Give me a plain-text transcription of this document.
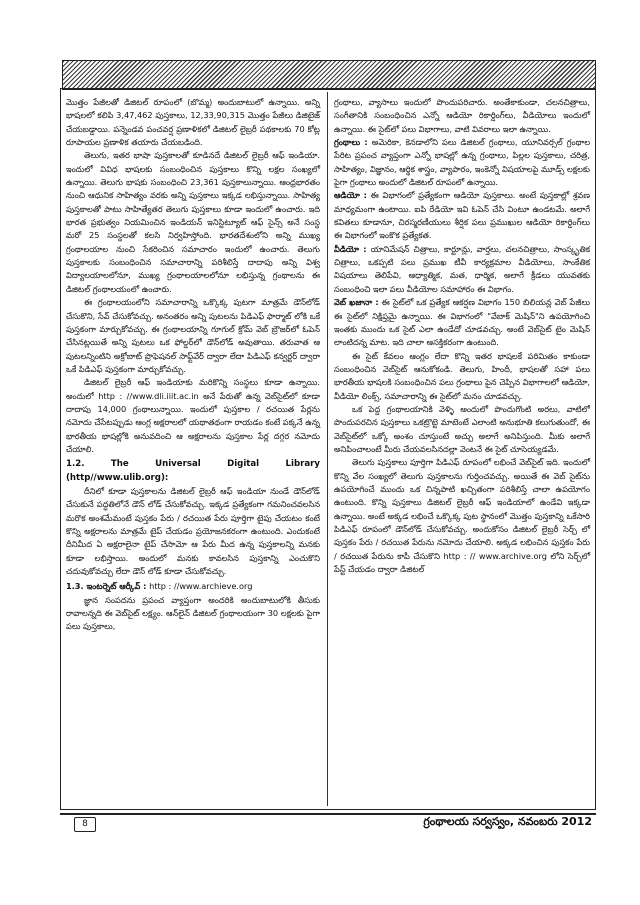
మొత్తం పేజీలతో డిజిటల్ రూపంలో (బొమ్మ) అందుబాటులో ఉన్నాయి. అన్ని భాషలలో కలిపి 3,47,462 పుస్తకాలు, 12,33,90,315 మొత్తం పేజీలు డిజిటైజ్ చేయబడ్డాయి. పన్నెండవ పంచవర్ష ప్రణాళికలో డిజిటల్ లైబ్రరీ పథకాలకు 70 కోట్ల రూపాయల ప్రణాళిక తయారు చేయబడింది.

తెలుగు, ఇతర భాషా పుస్తకాలతో కూడినదే డిజిటల్ లైబ్రరీ ఆఫ్ ఇండియా. ఇందులో వివిధ భాషలకు సంబంధించిన పుస్తకాలు కొన్ని లక్షల సంఖ్యలో ఉన్నాయి. తెలుగు భాషకు సంబంధించి 23,361 పుస్తకాలున్నాయి. ఆంధ్రభారతం నుంచి ఆధునిక సాహిత్యం వరకు అన్ని పుస్తకాలు ఇక్కడ లభిస్తున్నాయి. సాహిత్య పుస్తకాలతో పాటు సాహిత్యేతర తెలుగు పుస్తకాలు కూడా ఇందులో ఉంచారు. ఇది భారత ప్రభుత్వం నియమించిన ఇండియన్ ఇనిస్టిట్యూట్ ఆఫ్ సైన్స్ అనే సంస్థ మరో 25 సంస్థలతో కలసి నిర్వహిస్తోంది. భారతదేశంలోని అన్ని ముఖ్య గ్రంథాలయాల నుంచి సేకరించిన సమాచారం ఇందులో ఉంచారు. తెలుగు పుస్తకాలకు సంబంధించిన సమాచారాన్ని పరిశీలిస్తే దాదాపు అన్ని విశ్వ విద్యాలయాలలోనూ, ముఖ్య గ్రంథాలయాలలోనూ లభిస్తున్న గ్రంథాలను ఈ డిజిటల్ గ్రంథాలయంలో ఉంచారు.

ఈ గ్రంథాలయంలోని సమాచారాన్ని ఒక్కొక్క పుటగా మాత్రమే డౌన్‌లోడ్ చేసుకొని, సేవ్ చేసుకోవచ్చు. అనంతరం అన్ని పుటలను పిడిఎఫ్ ఫార్మాట్ లోకి ఒకే పుస్తకంగా మార్చుకోవచ్చు. ఈ గ్రంథాలయాన్ని గూగుల్ క్రోమ్ వెబ్ బ్రౌజర్‌లో ఓపెన్ చేసినట్లయితే అన్ని పుటలు ఒక ఫోల్డర్‌లో డౌన్‌లోడ్ అవుతాయి. తరువాత ఆ పుటలన్నింటిని అక్రోబాట్ ప్రొఫెషనల్ సాఫ్ట్‌వేర్ ద్వారా లేదా పిడిఎఫ్ కన్వర్టర్ ద్వారా ఒకే పిడిఎఫ్ పుస్తకంగా మార్చుకోవచ్చు.

డిజిటల్ లైబ్రరీ ఆఫ్ ఇండియాకు మరికొన్ని సంస్థలు కూడా ఉన్నాయి. అందులో http : //www.dli.iiit.ac.in అనే పేరుతో ఉన్న వెబ్‌సైట్‌లో కూడా దాదాపు 14,000 గ్రంథాలున్నాయి. ఇందులో పుస్తకాల / రచయిత పేర్లను నమోదు చేసేటప్పుడు ఆంగ్ల అక్షరాలలో యథాతథంగా రాయడం కంటే పక్కనే ఉన్న భారతీయ భాషల్లోకి అనువదించి ఆ అక్షరాలను పుస్తకాల పేర్ల దగ్గర నమోదు చేయాలి.

1.2. The Universal Digital Library (http//www.ulib.org):

దీనిలో కూడా పుస్తకాలను డిజిటల్ లైబ్రరీ ఆఫ్ ఇండియా నుండే డౌన్‌లోడ్ చేసుకునే పద్ధతిలోనే డౌన్ లోడ్ చేసుకోవచ్చు. ఇక్కడ ప్రత్యేకంగా గమనించవలసిన మరొక అంశమేమంటే పుస్తకం పేరు / రచయిత పేరు పూర్తిగా టైపు చేయటం కంటే కొన్ని అక్షరాలను మాత్రమే టైప్ చేయడం ప్రయోజనకరంగా ఉంటుంది. ఎందుకంటే దీనిమీద ఏ అక్షరాలైనా టైప్ చేసామో ఆ పేరు మీద ఉన్న పుస్తకాలన్ని మనకు కూడా లభిస్తాయి. అందులో మనకు కావలసిన పుస్తకాన్ని ఎంచుకొని చదువుకోవచ్చు లేదా డౌన్ లోడ్ కూడా చేసుకోవచ్చు.

1.3. ఇంటర్నెట్ ఆర్కీవ్ : http : //www.archieve.org

జ్ఞాన సంపదను ప్రపంచ వ్యాప్తంగా అందరికి అందుబాటులోకి తీసుకు రావాలన్నది ఈ వెబ్‌సైట్ లక్ష్యం. ఆన్‌లైన్ డిజిటల్ గ్రంథాలయంగా 30 లక్షలకు పైగా పలు పుస్తకాలు,

గ్రంథాలు, వ్యాసాలు ఇందులో పొందుపరిచారు. అంతేకాకుండా, చలనచిత్రాలు, సంగీతానికి సంబంధించిన ఎన్నో ఆడియో రికార్డింగ్‌లు, వీడియోలు ఇందులో ఉన్నాయి. ఈ సైట్‌లో పలు విభాగాలు, వాటి వివరాలు ఇలా ఉన్నాయి.

గ్రంథాలు : అమెరికా, కెనడాలోని పలు డిజిటల్ గ్రంథాలు, యూనివర్సల్ గ్రంథాల పేరిట ప్రపంచ వ్యాప్తంగా ఎన్నో భాషల్లో ఉన్న గ్రంథాలు, పిల్లల పుస్తకాలు, చరిత్ర, సాహిత్యం, విజ్ఞానం, ఆర్థిక శాస్త్రం, వ్యాపారం, ఇంకెన్నో విషయాలపై మూడ్స్ లక్షలకు పైగా గ్రంథాలు అందులో డిజిటల్ రూపంలో ఉన్నాయి.

ఆడియో : ఈ విభాగంలో ప్రత్యేకంగా ఆడియో పుస్తకాలు. అంటే పుస్తకాల్లో శ్రవణ మాధ్యమంగా ఉంటాయి. ఐపి రేడియో ఇవి ఓపెన్ చేసి వింటూ ఉండటమే. అలాగే కవితలు కూడానూ, చిరస్మరణీయులు శీర్షిక పలు ప్రముఖుల ఆడియో రికార్డింగ్‌లు ఈ విభాగంలో ఇంకొక ప్రత్యేకత.

వీడియో : యానిమేషన్ చిత్రాలు, కార్టూన్లు, వార్తలు, చలనచిత్రాలు, సాంస్కృతిక చిత్రాలు, ఒకప్పటి పలు ప్రముఖ టీవీ కార్యక్రమాల వీడియోలు, సాంకేతిక విషయాలు తెలిపేవి, ఆధ్యాత్మిక, మత, ధార్మిక, అలాగే క్రీడలు యువతకు సంబంధించి ఇలా పలు వీడియోల సమాహారం ఈ విభాగం.

వెబ్ ఖజానా : ఈ సైట్‌లో ఒక ప్రత్యేక ఆకర్షణ విభాగం 150 బిలియన్ల వెబ్ పేజీలు ఈ సైట్‌లో నిక్షిప్తమై ఉన్నాయి. ఈ విభాగంలో "వేబాక్ మెషిన్"ని ఉపయోగించి ఇంతకు ముందు ఒక సైట్ ఎలా ఉండేదో చూడవచ్చు. అంటే వెబ్‌సైట్ టైం మెషిన్ లాంటిదన్న మాట. ఇది చాలా ఆసక్తికరంగా ఉంటుంది.

ఈ సైట్ కేవలం ఆంగ్లం లేదా కొన్ని ఇతర భాషలకే పరిమితం కాకుండా సంబంధించిన వెబ్‌సైట్ ఆనుకోకండి. తెలుగు, హిందీ, భాషలతో సహా పలు భారతీయ భాషలకి సంబంధించిన పలు గ్రంథాలు పైన చెప్పిన విభాగాలలో ఆడియో, వీడియో లింక్స్, సమాచారాన్ని ఈ సైట్‌లో మనం చూడవచ్చు.

ఒక పెద్ద గ్రంథాలయానికి వెళ్ళి అందులో పొందుగొంటి అరలు, వాటిలో పొందుపరచిన పుస్తకాలు ఒకట్రొట్టె మాటెంటే ఎలాంటి అనుభూతి కలుగుతుందో, ఈ వెబ్‌సైట్‌లో ఒక్కో అంశం చూస్తుంటే అచ్చు అలాగే అనిపిస్తుంది. మీకు అలాగే అనిపించాలంటే మీరు చేయవలసినదల్లా వెంటనే ఈ సైట్ చూసెయ్యడమే.

తెలుగు పుస్తకాలు పూర్తిగా పిడిఎఫ్ రూపంలో లభించే వెబ్‌సైట్ ఇది. ఇందులో కొన్ని వేల సంఖ్యలో తెలుగు పుస్తకాలను గుర్తించవచ్చు. అయితే ఈ వెబ్ సైట్‌ను ఉపయోగించే ముందు ఒక చిన్నపాటి ఖచ్చితంగా పరిశీలిస్తే చాలా ఉపయోగం ఉంటుంది. కొన్ని పుస్తకాలు డిజిటల్ లైబ్రరీ ఆఫ్ ఇండియాలో ఉండేవి ఇక్కడా ఉన్నాయి. అంటే అక్కడ లభించే ఒక్కొక్క పుట స్థానంలో మొత్తం పుస్తకాన్ని ఒకేసారి పిడిఎఫ్ రూపంలో డౌన్‌లోడ్ చేసుకోవచ్చు. అందుకోసం డిజిటల్ లైబ్రరీ సెర్చ్ లో పుస్తకం పేరు / రచయిత పేరును నమోదు చేయాలి. అక్కడ లభించిన పుస్తకం పేరు / రచయిత పేరును కాపీ చేసుకొని http : // www.archive.org లోని సెర్చ్‌లో పేస్ట్ చేయడం ద్వారా డిజిటల్

8	గ్రంథాలయ సర్వస్వం, నవంబరు 2012
